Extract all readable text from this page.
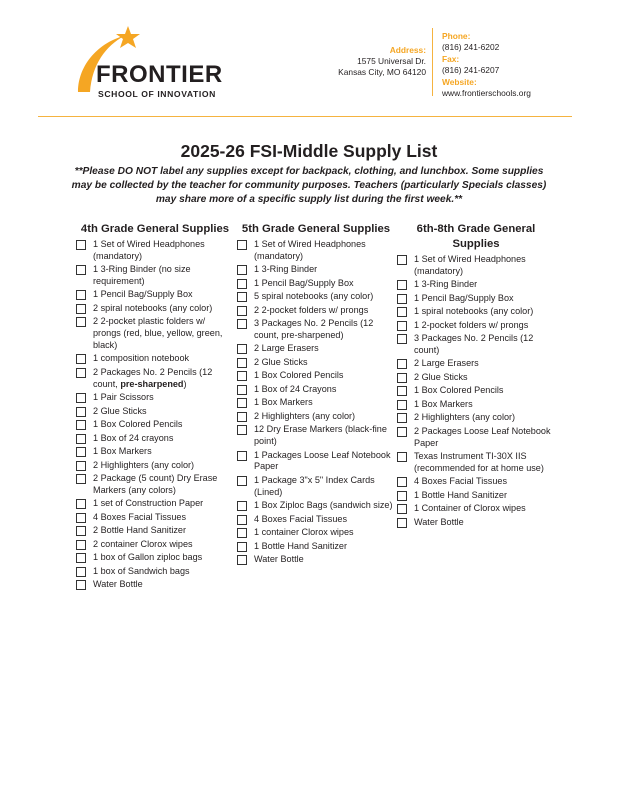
FRONTIER
SCHOOL OF INNOVATION
Address:
1575 Universal Dr.
Kansas City, MO 64120
Phone:
(816) 241-6202
Fax:
(816) 241-6207
Website:
www.frontierschools.org
2025-26 FSI-Middle Supply List
**Please DO NOT label any supplies except for backpack, clothing, and lunchbox. Some supplies may be collected by the teacher for community purposes. Teachers (particularly Specials classes) may share more of a specific supply list during the first week.**
4th Grade General Supplies
1 Set of Wired Headphones (mandatory)
1 3-Ring Binder (no size requirement)
1 Pencil Bag/Supply Box
2 spiral notebooks (any color)
2 2-pocket plastic folders w/ prongs (red, blue, yellow, green, black)
1 composition notebook
2 Packages No. 2 Pencils (12 count, pre-sharpened)
1 Pair Scissors
2 Glue Sticks
1 Box Colored Pencils
1 Box of 24 crayons
1 Box Markers
2 Highlighters (any color)
2 Package (5 count) Dry Erase Markers (any colors)
1 set of Construction Paper
4 Boxes Facial Tissues
2 Bottle Hand Sanitizer
2 container Clorox wipes
1 box of Gallon ziploc bags
1 box of Sandwich bags
Water Bottle
5th Grade General Supplies
1 Set of Wired Headphones (mandatory)
1 3-Ring Binder
1 Pencil Bag/Supply Box
5 spiral notebooks (any color)
2 2-pocket folders w/ prongs
3 Packages No. 2 Pencils (12 count, pre-sharpened)
2 Large Erasers
2 Glue Sticks
1 Box Colored Pencils
1 Box of 24 Crayons
1 Box Markers
2 Highlighters (any color)
12 Dry Erase Markers (black-fine point)
1 Packages Loose Leaf Notebook Paper
1 Package 3"x 5" Index Cards (Lined)
1 Box Ziploc Bags (sandwich size)
4 Boxes Facial Tissues
1 container Clorox wipes
1 Bottle Hand Sanitizer
Water Bottle
6th-8th Grade General Supplies
1 Set of Wired Headphones (mandatory)
1 3-Ring Binder
1 Pencil Bag/Supply Box
1 spiral notebooks (any color)
1 2-pocket folders w/ prongs
3 Packages No. 2 Pencils (12 count)
2 Large Erasers
2 Glue Sticks
1 Box Colored Pencils
1 Box Markers
2 Highlighters (any color)
2 Packages Loose Leaf Notebook Paper
Texas Instrument TI-30X IIS (recommended for at home use)
4 Boxes Facial Tissues
1 Bottle Hand Sanitizer
1 Container of Clorox wipes
Water Bottle
